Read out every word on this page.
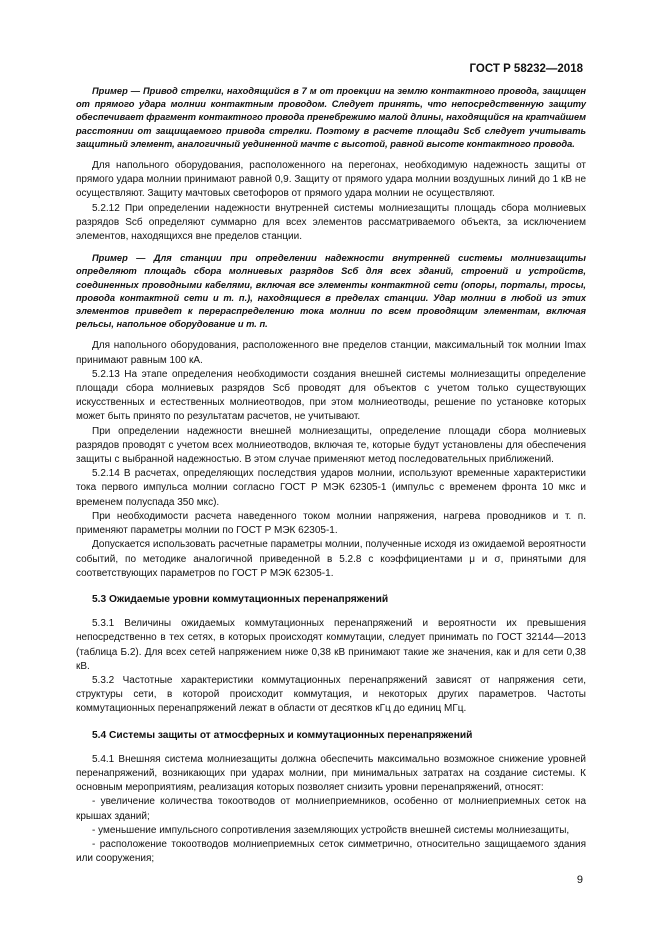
ГОСТ Р 58232—2018

Пример — Привод стрелки, находящийся в 7 м от проекции на землю контактного провода, защищен от прямого удара молнии контактным проводом. Следует принять, что непосредственную защиту обеспечивает фрагмент контактного провода пренебрежимо малой длины, находящийся на кратчайшем расстоянии от защищаемого привода стрелки. Поэтому в расчете площади Sсб следует учитывать защитный элемент, аналогичный уединенной мачте с высотой, равной высоте контактного провода.

Для напольного оборудования, расположенного на перегонах, необходимую надежность защиты от прямого удара молнии принимают равной 0,9. Защиту от прямого удара молнии воздушных линий до 1 кВ не осуществляют. Защиту мачтовых светофоров от прямого удара молнии не осуществляют.

5.2.12 При определении надежности внутренней системы молниезащиты площадь сбора молниевых разрядов Sсб определяют суммарно для всех элементов рассматриваемого объекта, за исключением элементов, находящихся вне пределов станции.

Пример — Для станции при определении надежности внутренней системы молниезащиты определяют площадь сбора молниевых разрядов Sсб для всех зданий, строений и устройств, соединенных проводными кабелями, включая все элементы контактной сети (опоры, порталы, тросы, провода контактной сети и т. п.), находящиеся в пределах станции. Удар молнии в любой из этих элементов приведет к перераспределению тока молнии по всем проводящим элементам, включая рельсы, напольное оборудование и т. п.

Для напольного оборудования, расположенного вне пределов станции, максимальный ток молнии Imax принимают равным 100 кА.

5.2.13 На этапе определения необходимости создания внешней системы молниезащиты определение площади сбора молниевых разрядов Sсб проводят для объектов с учетом только существующих искусственных и естественных молниеотводов, при этом молниеотводы, решение по установке которых может быть принято по результатам расчетов, не учитывают.

При определении надежности внешней молниезащиты, определение площади сбора молниевых разрядов проводят с учетом всех молниеотводов, включая те, которые будут установлены для обеспечения защиты с выбранной надежностью. В этом случае применяют метод последовательных приближений.

5.2.14 В расчетах, определяющих последствия ударов молнии, используют временные характеристики тока первого импульса молнии согласно ГОСТ Р МЭК 62305-1 (импульс с временем фронта 10 мкс и временем полуспада 350 мкс).

При необходимости расчета наведенного током молнии напряжения, нагрева проводников и т. п. применяют параметры молнии по ГОСТ Р МЭК 62305-1.

Допускается использовать расчетные параметры молнии, полученные исходя из ожидаемой вероятности событий, по методике аналогичной приведенной в 5.2.8 с коэффициентами μ и σ, принятыми для соответствующих параметров по ГОСТ Р МЭК 62305-1.

5.3 Ожидаемые уровни коммутационных перенапряжений

5.3.1 Величины ожидаемых коммутационных перенапряжений и вероятности их превышения непосредственно в тех сетях, в которых происходят коммутации, следует принимать по ГОСТ 32144—2013 (таблица Б.2). Для всех сетей напряжением ниже 0,38 кВ принимают такие же значения, как и для сети 0,38 кВ.

5.3.2 Частотные характеристики коммутационных перенапряжений зависят от напряжения сети, структуры сети, в которой происходит коммутация, и некоторых других параметров. Частоты коммутационных перенапряжений лежат в области от десятков кГц до единиц МГц.

5.4 Системы защиты от атмосферных и коммутационных перенапряжений

5.4.1 Внешняя система молниезащиты должна обеспечить максимально возможное снижение уровней перенапряжений, возникающих при ударах молнии, при минимальных затратах на создание системы. К основным мероприятиям, реализация которых позволяет снизить уровни перенапряжений, относят:

- увеличение количества токоотводов от молниеприемников, особенно от молниеприемных сеток на крышах зданий;

- уменьшение импульсного сопротивления заземляющих устройств внешней системы молниезащиты,

- расположение токоотводов молниеприемных сеток симметрично, относительно защищаемого здания или сооружения;

9
